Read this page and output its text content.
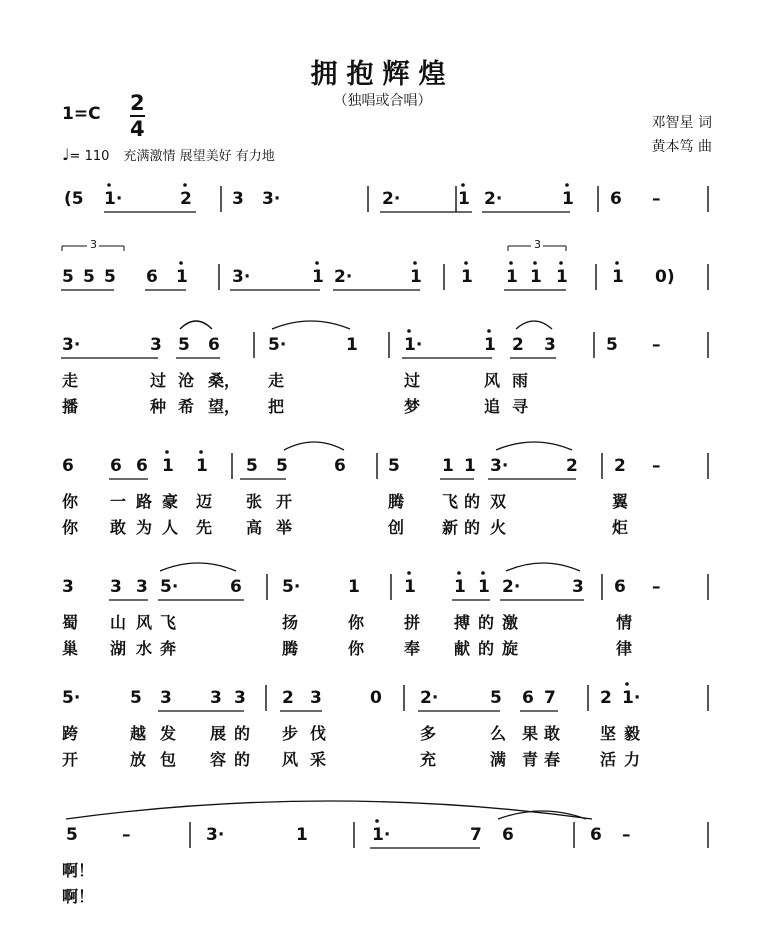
拥抱辉煌
（独唱或合唱）
1=C 2
4
♩= 110 充满激情 展望美好 有力地
邓智星 词
黄本笃 曲
(5 1·	2 3 3·	2·	1 2·	1 6 –
5 5 5 6 1	3·	1 2·	1 1 1 1 1	1 0)
3	3
3·	3 5 6	5·	1	1·	1 2 3	5 –
走	过 沧 桑， 走	过	风 雨
播	种 希 望， 把	梦	追 寻
6 6 6 1 1 5 5	6 5 1 1 3·	2 2 –
你 一 路 豪 迈 张 开	腾 飞 的 双	翼
你 敢 为 人 先 高 举	创 新 的 火	炬
3 3 3 5·	6 5·	1	1 1 1 2·	3 6 –
蜀 山 风 飞	扬	你 拼 搏 的 激	情
巢 湖 水 奔	腾	你 奉 献 的 旋	律
5·	5 3 3 3 2 3	0 2·	5 6 7	2 1·
跨	越 发 展 的 步 伐	多	么 果 敢 坚 毅
开	放 包 容 的 风 采	充	满 青 春 活 力
5	–	3·	1	1·	7 6	6 –
啊！
啊！
